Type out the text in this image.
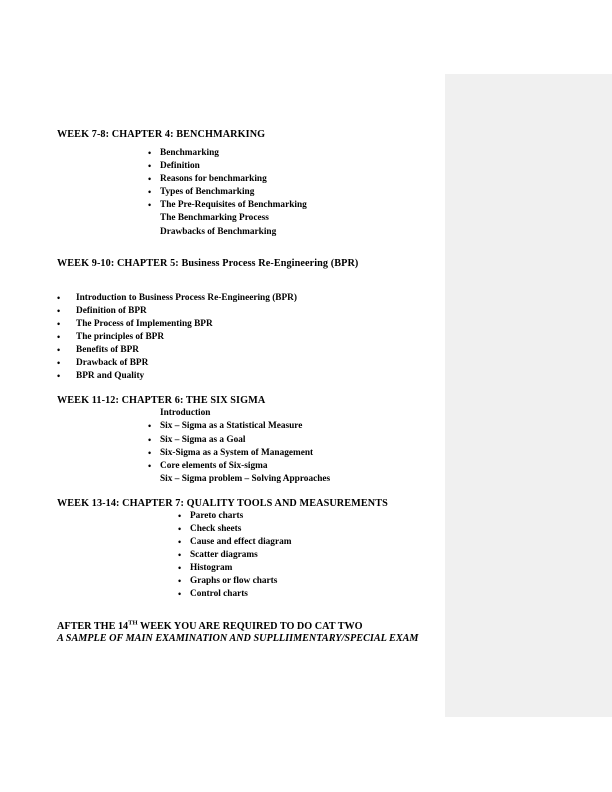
WEEK 7-8: CHAPTER 4: BENCHMARKING
• Benchmarking
• Definition
• Reasons for benchmarking
• Types of Benchmarking
• The Pre-Requisites of Benchmarking
The Benchmarking Process
Drawbacks of Benchmarking
WEEK 9-10: CHAPTER 5: Business Process Re-Engineering (BPR)
• Introduction to Business Process Re-Engineering (BPR)
• Definition of BPR
• The Process of Implementing BPR
• The principles of BPR
• Benefits of BPR
• Drawback of BPR
• BPR and Quality
WEEK 11-12: CHAPTER 6: THE SIX SIGMA
Introduction
• Six – Sigma as a Statistical Measure
• Six – Sigma as a Goal
• Six-Sigma as a System of Management
• Core elements of Six-sigma
Six – Sigma problem – Solving Approaches
WEEK 13-14: CHAPTER 7: QUALITY TOOLS AND MEASUREMENTS
• Pareto charts
• Check sheets
• Cause and effect diagram
• Scatter diagrams
• Histogram
• Graphs or flow charts
• Control charts
AFTER THE 14TH WEEK YOU ARE REQUIRED TO DO CAT TWO
A SAMPLE OF MAIN EXAMINATION AND SUPLLIIMENTARY/SPECIAL EXAM
